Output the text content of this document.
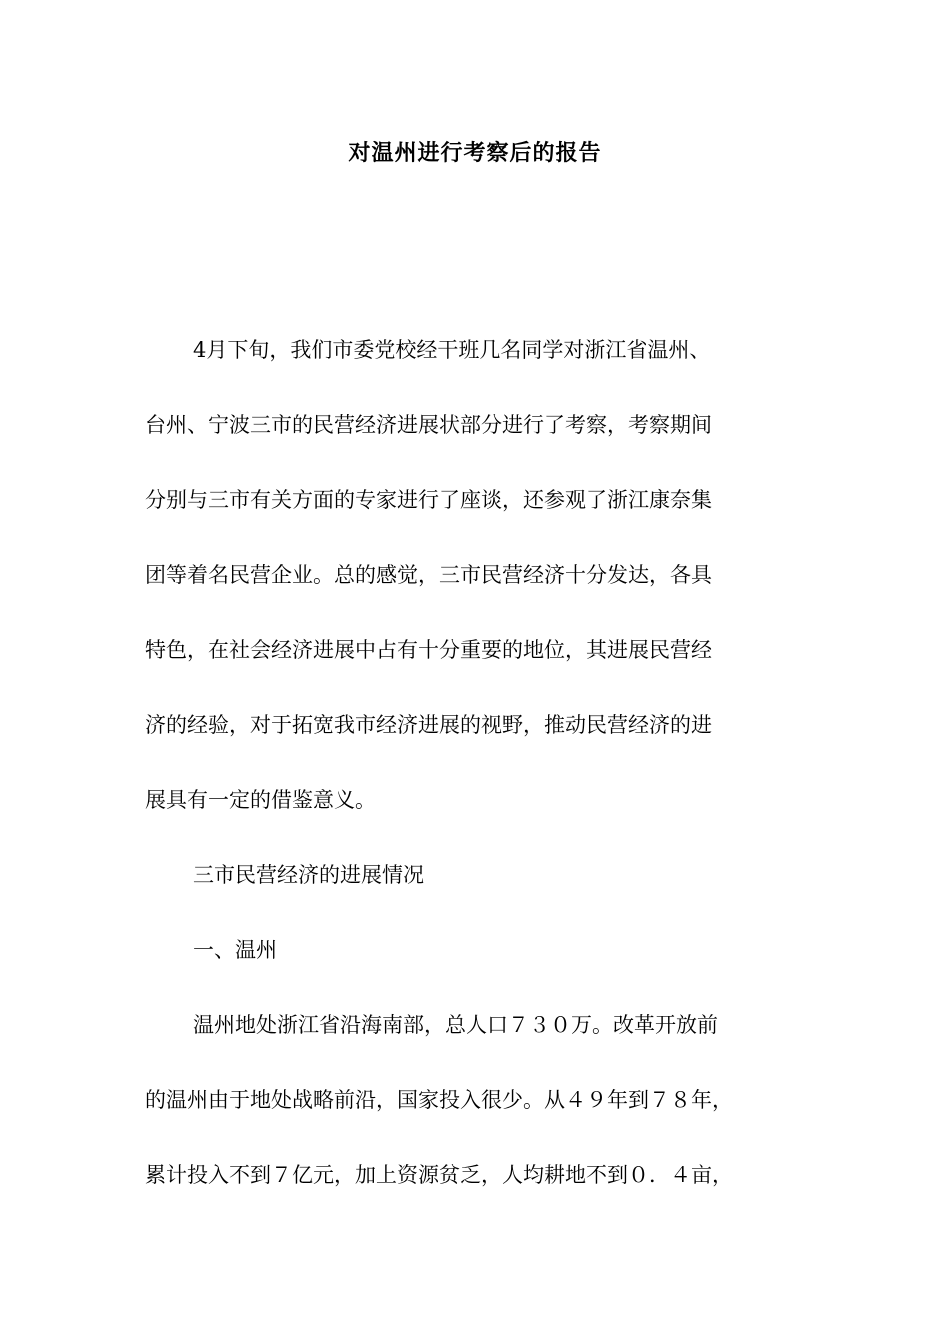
对温州进行考察后的报告

4月下旬，我们市委党校经干班几名同学对浙江省温州、

台州、宁波三市的民营经济进展状部分进行了考察，考察期间

分别与三市有关方面的专家进行了座谈，还参观了浙江康奈集

团等着名民营企业。总的感觉，三市民营经济十分发达，各具

特色，在社会经济进展中占有十分重要的地位，其进展民营经

济的经验，对于拓宽我市经济进展的视野，推动民营经济的进

展具有一定的借鉴意义。

三市民营经济的进展情况

一、温州

温州地处浙江省沿海南部，总人口７３０万。改革开放前

的温州由于地处战略前沿，国家投入很少。从４９年到７８年，

累计投入不到７亿元，加上资源贫乏，人均耕地不到０．４亩，
